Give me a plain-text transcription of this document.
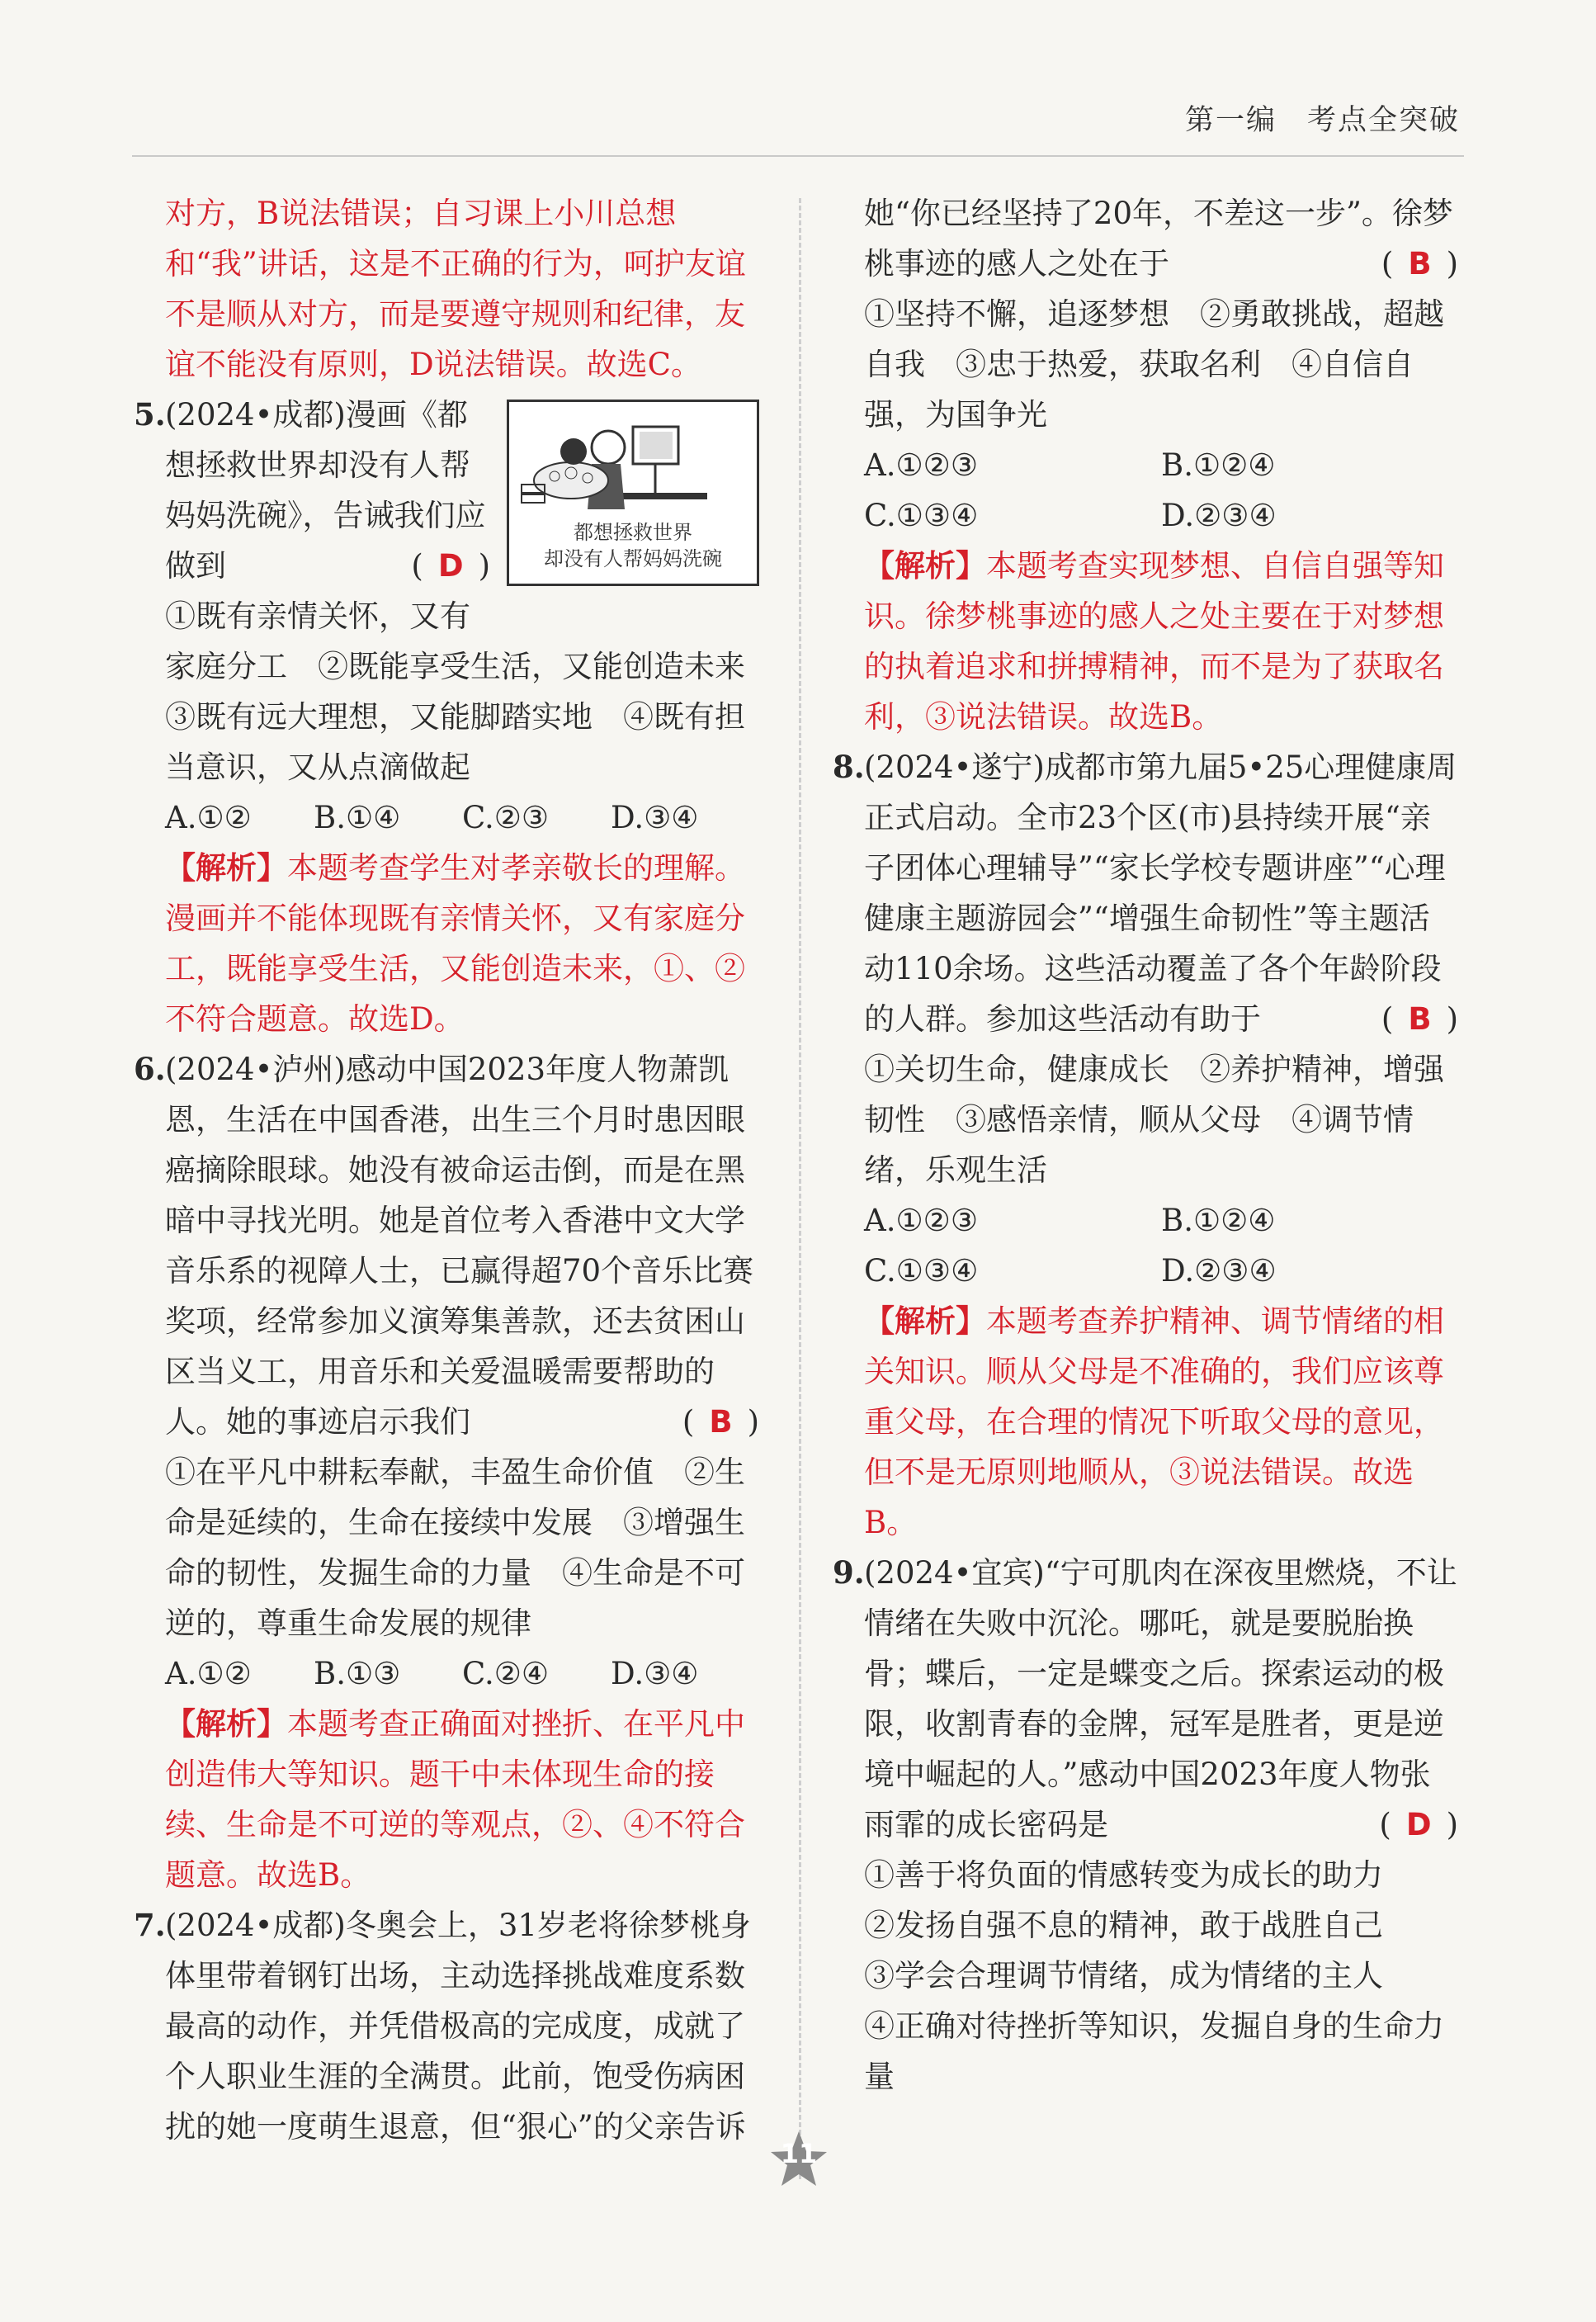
第一编　考点全突破

对方，B说法错误；自习课上小川总想和“我”讲话，这是不正确的行为，呵护友谊不是顺从对方，而是要遵守规则和纪律，友谊不能没有原则，D说法错误。故选C。

都想拯救世界
却没有人帮妈妈洗碗

5. (2024•成都)漫画《都想拯救世界却没有人帮妈妈洗碗》，告诫我们应做到	( D )

①既有亲情关怀，又有家庭分工　②既能享受生活，又能创造未来　③既有远大理想，又能脚踏实地　④既有担当意识，又从点滴做起

A.①②	B.①④	C.②③	D.③④

【解析】本题考查学生对孝亲敬长的理解。漫画并不能体现既有亲情关怀，又有家庭分工，既能享受生活，又能创造未来，①、②不符合题意。故选D。

6. (2024•泸州)感动中国2023年度人物萧凯恩，生活在中国香港，出生三个月时患因眼癌摘除眼球。她没有被命运击倒，而是在黑暗中寻找光明。她是首位考入香港中文大学音乐系的视障人士，已赢得超70个音乐比赛奖项，经常参加义演筹集善款，还去贫困山区当义工，用音乐和关爱温暖需要帮助的人。她的事迹启示我们	( B )

①在平凡中耕耘奉献，丰盈生命价值　②生命是延续的，生命在接续中发展　③增强生命的韧性，发掘生命的力量　④生命是不可逆的，尊重生命发展的规律

A.①②	B.①③	C.②④	D.③④

【解析】本题考查正确面对挫折、在平凡中创造伟大等知识。题干中未体现生命的接续、生命是不可逆的等观点，②、④不符合题意。故选B。

7. (2024•成都)冬奥会上，31岁老将徐梦桃身体里带着钢钉出场，主动选择挑战难度系数最高的动作，并凭借极高的完成度，成就了个人职业生涯的全满贯。此前，饱受伤病困扰的她一度萌生退意，但“狠心”的父亲告诉

她“你已经坚持了20年，不差这一步”。徐梦桃事迹的感人之处在于	( B )

①坚持不懈，追逐梦想　②勇敢挑战，超越自我　③忠于热爱，获取名利　④自信自强，为国争光

A.①②③	B.①②④
C.①③④	D.②③④

【解析】本题考查实现梦想、自信自强等知识。徐梦桃事迹的感人之处主要在于对梦想的执着追求和拼搏精神，而不是为了获取名利，③说法错误。故选B。

8. (2024•遂宁)成都市第九届5•25心理健康周正式启动。全市23个区(市)县持续开展“亲子团体心理辅导”“家长学校专题讲座”“心理健康主题游园会”“增强生命韧性”等主题活动110余场。这些活动覆盖了各个年龄阶段的人群。参加这些活动有助于	( B )

①关切生命，健康成长　②养护精神，增强韧性　③感悟亲情，顺从父母　④调节情绪，乐观生活

A.①②③	B.①②④
C.①③④	D.②③④

【解析】本题考查养护精神、调节情绪的相关知识。顺从父母是不准确的，我们应该尊重父母，在合理的情况下听取父母的意见，但不是无原则地顺从，③说法错误。故选B。

9. (2024•宜宾)“宁可肌肉在深夜里燃烧，不让情绪在失败中沉沦。哪吒，就是要脱胎换骨；蝶后，一定是蝶变之后。探索运动的极限，收割青春的金牌，冠军是胜者，更是逆境中崛起的人。”感动中国2023年度人物张雨霏的成长密码是	( D )

①善于将负面的情感转变为成长的助力

②发扬自强不息的精神，敢于战胜自己

③学会合理调节情绪，成为情绪的主人

④正确对待挫折等知识，发掘自身的生命力量

11
